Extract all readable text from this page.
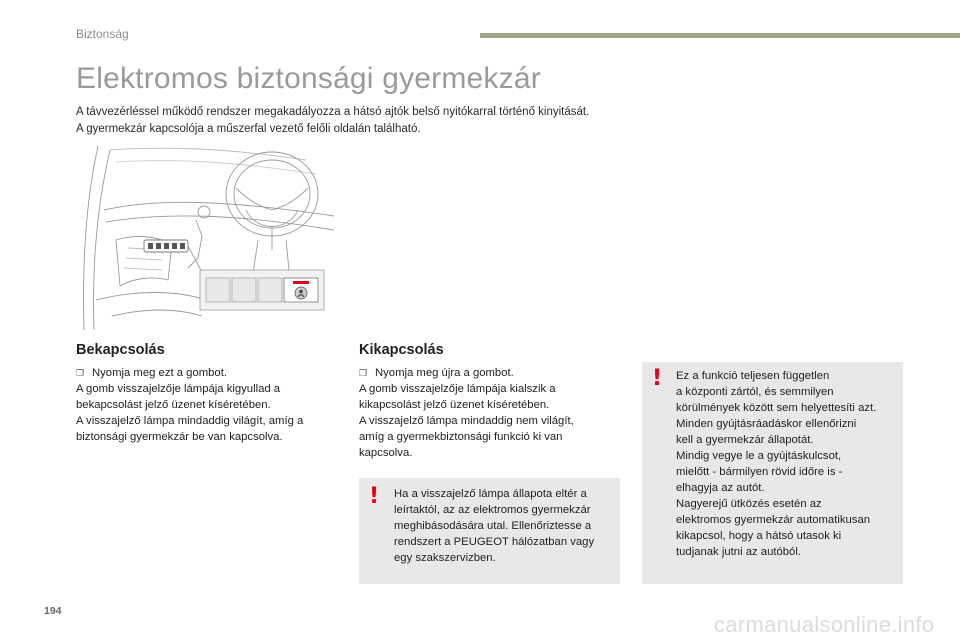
Biztonság
Elektromos biztonsági gyermekzár

A távvezérléssel működő rendszer megakadályozza a hátsó ajtók belső nyitókarral történő kinyitását.

A gyermekzár kapcsolója a műszerfal vezető felőli oldalán található.

Bekapcsolás

❒ Nyomja meg ezt a gombot.

A gomb visszajelzője lámpája kigyullad a

bekapcsolást jelző üzenet kíséretében.

A visszajelző lámpa mindaddig világít, amíg a

biztonsági gyermekzár be van kapcsolva.

Kikapcsolás

❒ Nyomja meg újra a gombot.

A gomb visszajelzője lámpája kialszik a

kikapcsolást jelző üzenet kíséretében.

A visszajelző lámpa mindaddig nem világít,

amíg a gyermekbiztonsági funkció ki van

kapcsolva.

! Ha a visszajelző lámpa állapota eltér a
leírtaktól, az az elektromos gyermekzár
meghibásodására utal. Ellenőriztesse a
rendszert a PEUGEOT hálózatban vagy
egy szakszervizben.
! Ez a funkció teljesen független
a központi zártól, és semmilyen
körülmények között sem helyettesíti azt.
Minden gyújtásráadáskor ellenőrizni
kell a gyermekzár állapotát.
Mindig vegye le a gyújtáskulcsot,
mielőtt - bármilyen rövid időre is -
elhagyja az autót.
Nagyerejű ütközés esetén az
elektromos gyermekzár automatikusan
kikapcsol, hogy a hátsó utasok ki
tudjanak jutni az autóból.
194
carmanualsonline.info
